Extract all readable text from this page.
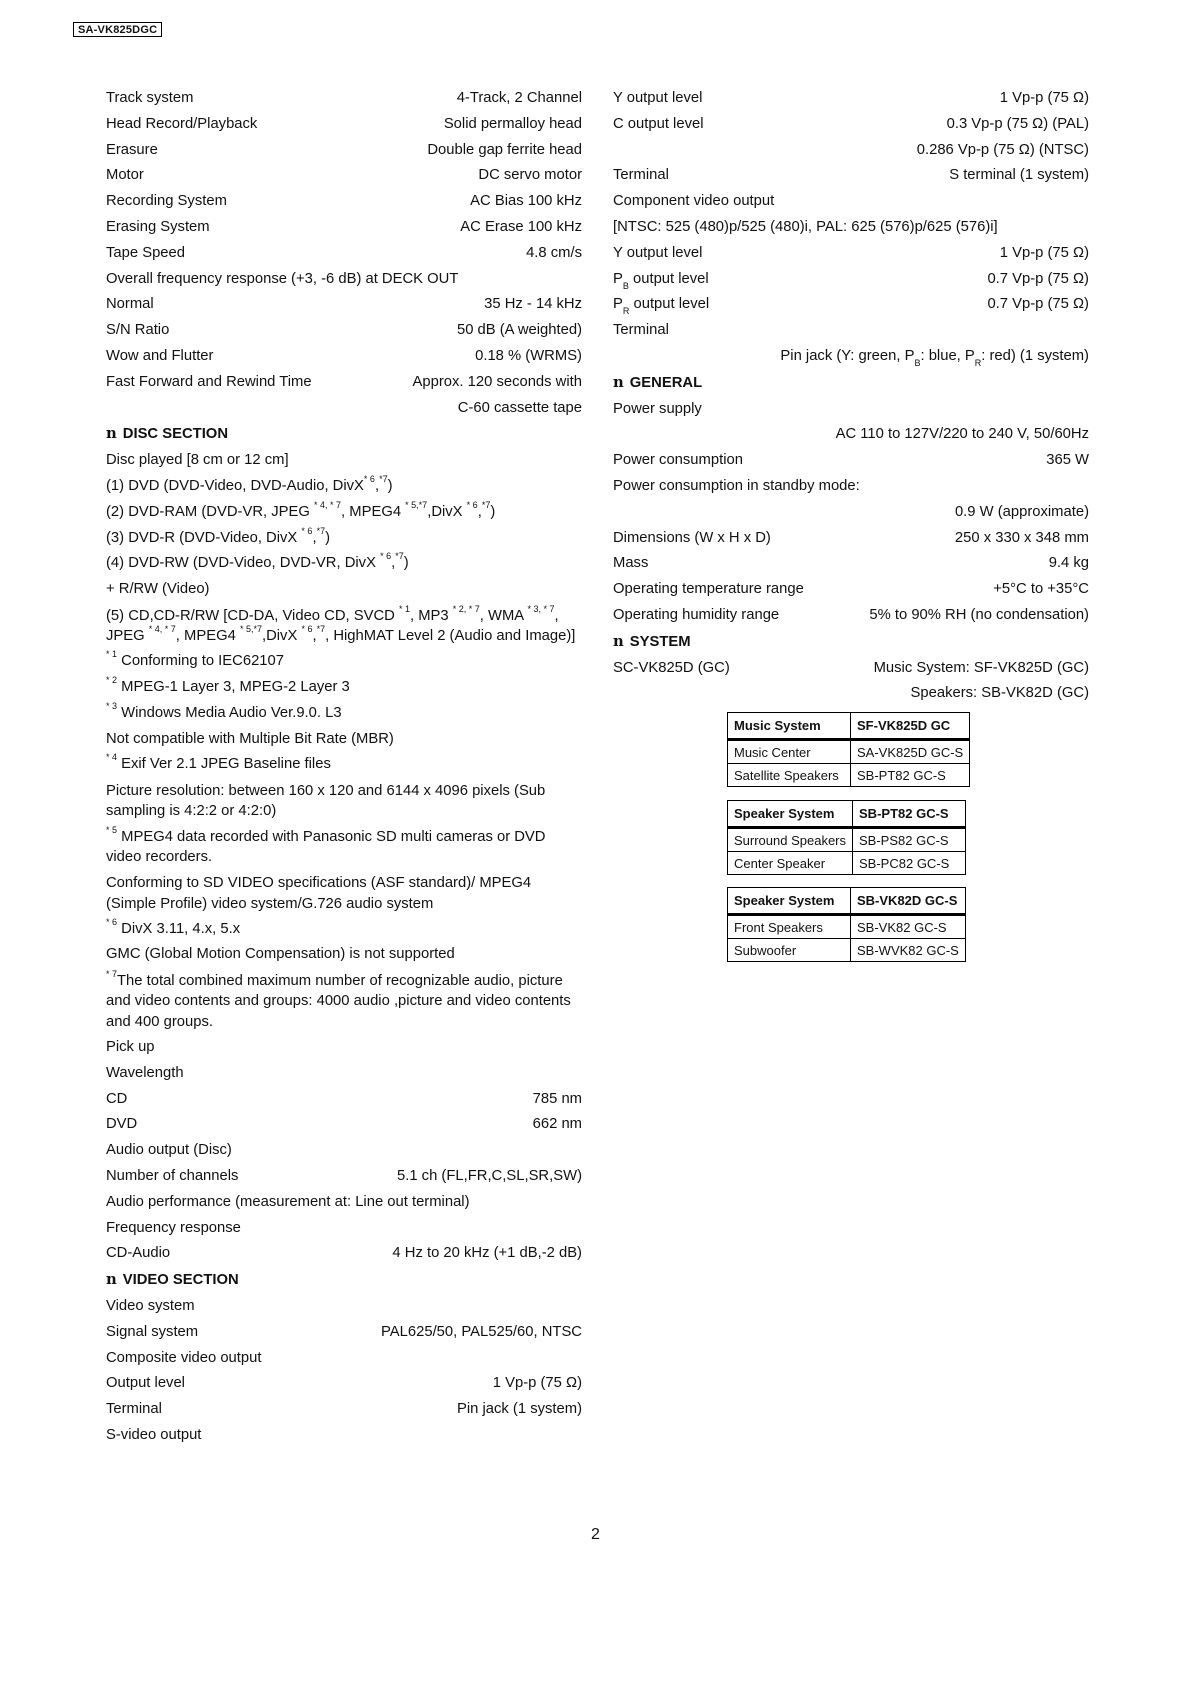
SA-VK825DGC
Track system	4-Track, 2 Channel
Head Record/Playback	Solid permalloy head
Erasure	Double gap ferrite head
Motor	DC servo motor
Recording System	AC Bias 100 kHz
Erasing System	AC Erase 100 kHz
Tape Speed	4.8 cm/s
Overall frequency response (+3, -6 dB) at DECK OUT
Normal	35 Hz - 14 kHz
S/N Ratio	50 dB (A weighted)
Wow and Flutter	0.18 % (WRMS)
Fast Forward and Rewind Time	Approx. 120 seconds with
C-60 cassette tape
n DISC SECTION
Disc played [8 cm or 12 cm]
(1) DVD (DVD-Video, DVD-Audio, DivX$^{* 6}$,$^{*7}$)
(2) DVD-RAM (DVD-VR, JPEG $^{* 4, * 7}$, MPEG4 $^{* 5,*7}$,DivX $^{* 6}$,$^{*7}$)
(3) DVD-R (DVD-Video, DivX $^{* 6}$,$^{*7}$)
(4) DVD-RW (DVD-Video, DVD-VR, DivX $^{* 6}$,$^{*7}$)
+ R/RW (Video)
(5) CD,CD-R/RW [CD-DA, Video CD, SVCD $^{* 1}$, MP3 $^{* 2, * 7}$, WMA $^{* 3, * 7}$, JPEG $^{* 4, * 7}$, MPEG4 $^{* 5,*7}$,DivX $^{* 6}$,$^{*7}$, HighMAT Level 2 (Audio and Image)]
$^{* 1}$ Conforming to IEC62107
$^{* 2}$ MPEG-1 Layer 3, MPEG-2 Layer 3
$^{* 3}$ Windows Media Audio Ver.9.0. L3
Not compatible with Multiple Bit Rate (MBR)
$^{* 4}$ Exif Ver 2.1 JPEG Baseline files
Picture resolution: between 160 x 120 and 6144 x 4096 pixels (Sub sampling is 4:2:2 or 4:2:0)
$^{* 5}$ MPEG4 data recorded with Panasonic SD multi cameras or DVD video recorders.
Conforming to SD VIDEO specifications (ASF standard)/ MPEG4 (Simple Profile) video system/G.726 audio system
$^{* 6}$ DivX 3.11, 4.x, 5.x
GMC (Global Motion Compensation) is not supported
$^{* 7}$The total combined maximum number of recognizable audio, picture and video contents and groups: 4000 audio ,picture and video contents and 400 groups.
Pick up
Wavelength
CD	785 nm
DVD	662 nm
Audio output (Disc)
Number of channels	5.1 ch (FL,FR,C,SL,SR,SW)
Audio performance (measurement at: Line out terminal)
Frequency response
CD-Audio	4 Hz to 20 kHz (+1 dB,-2 dB)
n VIDEO SECTION
Video system
Signal system	PAL625/50, PAL525/60, NTSC
Composite video output
Output level	1 Vp-p (75 Ω)
Terminal	Pin jack (1 system)
S-video output
Y output level	1 Vp-p (75 Ω)
C output level	0.3 Vp-p (75 Ω) (PAL)
0.286 Vp-p (75 Ω) (NTSC)
Terminal	S terminal (1 system)
Component video output
[NTSC: 525 (480)p/525 (480)i, PAL: 625 (576)p/625 (576)i]
Y output level	1 Vp-p (75 Ω)
$P_B$ output level	0.7 Vp-p (75 Ω)
$P_R$ output level	0.7 Vp-p (75 Ω)
Terminal
Pin jack (Y: green, $P_B$: blue, $P_R$: red) (1 system)
n GENERAL
Power supply
AC 110 to 127V/220 to 240 V, 50/60Hz
Power consumption	365 W
Power consumption in standby mode:
0.9 W (approximate)
Dimensions (W x H x D)	250 x 330 x 348 mm
Mass	9.4 kg
Operating temperature range	+5°C to +35°C
Operating humidity range	5% to 90% RH (no condensation)
n SYSTEM
SC-VK825D (GC)	Music System: SF-VK825D (GC)
Speakers: SB-VK82D (GC)
Music System	SF-VK825D GC
Music Center	SA-VK825D GC-S
Satellite Speakers	SB-PT82 GC-S
Speaker System	SB-PT82 GC-S
Surround Speakers	SB-PS82 GC-S
Center Speaker	SB-PC82 GC-S
Speaker System	SB-VK82D GC-S
Front Speakers	SB-VK82 GC-S
Subwoofer	SB-WVK82 GC-S
2
